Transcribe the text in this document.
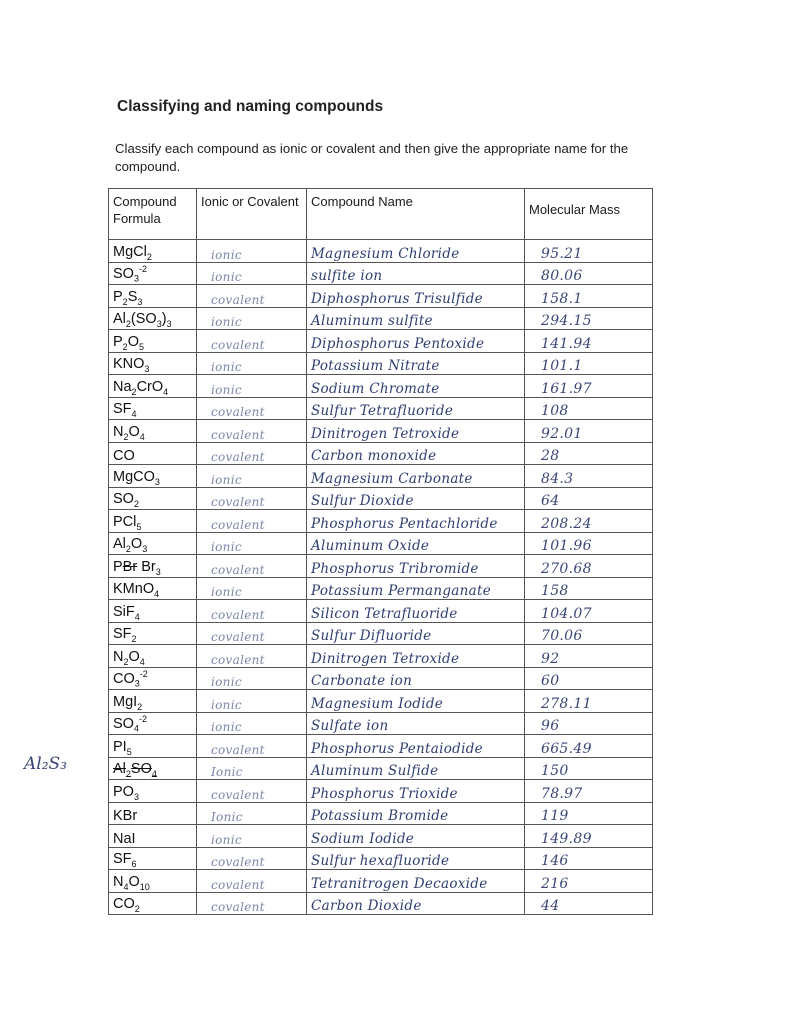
Classifying and naming compounds
Classify each compound as ionic or covalent and then give the appropriate name for the compound.
Compound Formula	Ionic or Covalent	Compound Name	Molecular Mass
MgCl$_2$	ionic	Magnesium Chloride	95.21
$SO_3^{-2}$	ionic	sulfite ion	80.06
$P_2S_3$	covalent	Diphosphorus Trisulfide	158.1
$Al_2(SO_3)_3$	ionic	Aluminum sulfite	294.15
$P_2O_5$	covalent	Diphosphorus Pentoxide	141.94
$KNO_3$	ionic	Potassium Nitrate	101.1
$Na_2CrO_4$	ionic	Sodium Chromate	161.97
$SF_4$	covalent	Sulfur Tetrafluoride	108
$N_2O_4$	covalent	Dinitrogen Tetroxide	92.01
CO	covalent	Carbon monoxide	28
MgCO$_3$	ionic	Magnesium Carbonate	84.3
$SO_2$	covalent	Sulfur Dioxide	64
PCl$_5$	covalent	Phosphorus Pentachloride	208.24
$Al_2O_3$	ionic	Aluminum Oxide	101.96
PBr $Br_3$	covalent	Phosphorus Tribromide	270.68
KMnO$_4$	ionic	Potassium Permanganate	158
SiF$_4$	covalent	Silicon Tetrafluoride	104.07
$SF_2$	covalent	Sulfur Difluoride	70.06
$N_2O_4$	covalent	Dinitrogen Tetroxide	92
$CO_3^{-2}$	ionic	Carbonate ion	60
MgI$_2$	ionic	Magnesium Iodide	278.11
$SO_4^{-2}$	ionic	Sulfate ion	96
$PI_5$	covalent	Phosphorus Pentaiodide	665.49
$Al_2SO_4$	Ionic	Aluminum Sulfide	150
$PO_3$	covalent	Phosphorus Trioxide	78.97
KBr	Ionic	Potassium Bromide	119
NaI	ionic	Sodium Iodide	149.89
$SF_6$	covalent	Sulfur hexafluoride	146
$N_4O_{10}$	covalent	Tetranitrogen Decaoxide	216
$CO_2$	covalent	Carbon Dioxide	44
Al₂S₃
